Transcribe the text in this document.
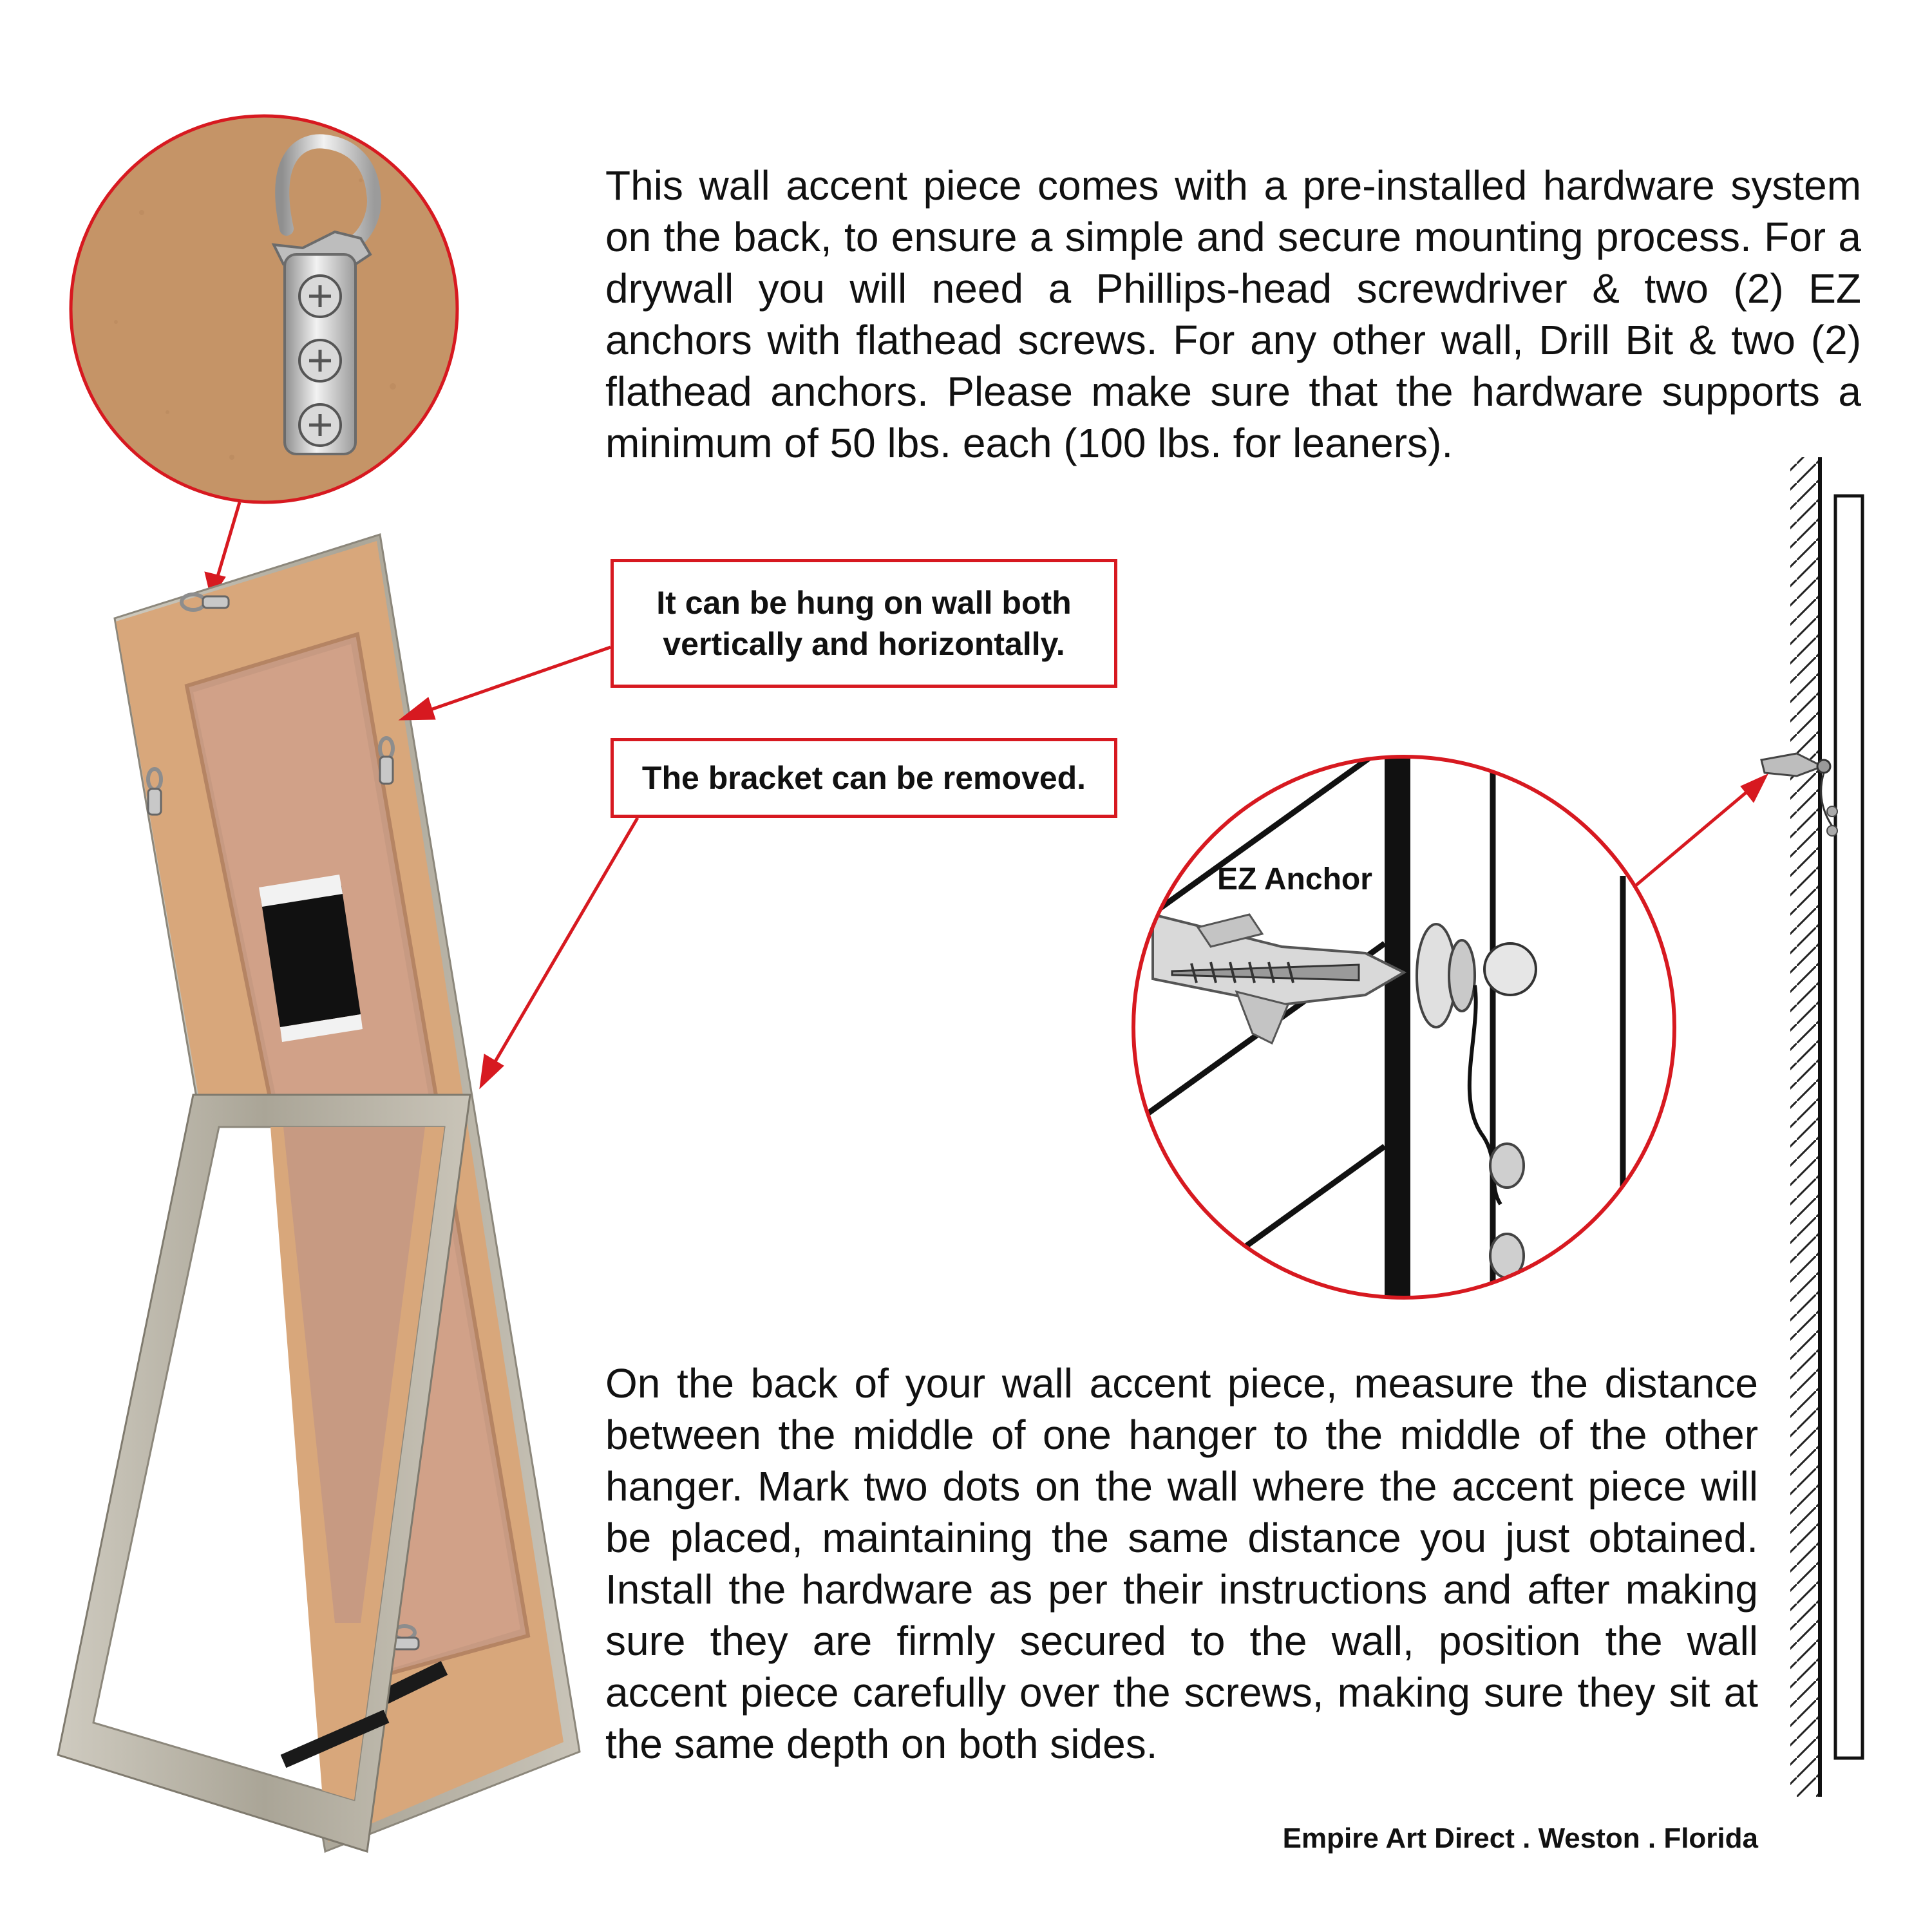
This wall accent piece comes with a pre-installed hardware system on the back, to ensure a simple and secure mounting process. For a drywall you will need a Phillips-head screwdriver & two (2) EZ anchors with flathead screws. For any other wall, Drill Bit & two (2) flathead anchors. Please make sure that the hardware supports a minimum of 50 lbs. each (100 lbs. for leaners).
It can be hung on wall both vertically and horizontally.
The bracket can be removed.
EZ Anchor
On the back of your wall accent piece, measure the distance between the middle of one hanger to the middle of the other hanger. Mark two dots on the wall where the accent piece will be placed, maintaining the same distance you just obtained. Install the hardware as per their instructions and after making sure they are firmly secured to the wall, position the wall accent piece carefully over the screws, making sure they sit at the same depth on both sides.
Empire Art Direct . Weston . Florida
